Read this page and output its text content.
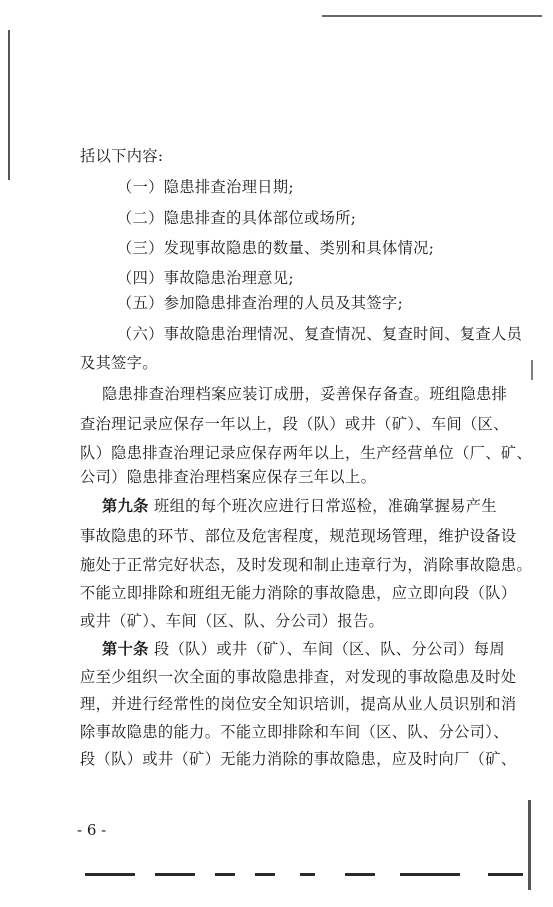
括以下内容:
（一）隐患排查治理日期;
（二）隐患排查的具体部位或场所;
（三）发现事故隐患的数量、类别和具体情况;
（四）事故隐患治理意见;
（五）参加隐患排查治理的人员及其签字;
（六）事故隐患治理情况、复查情况、复查时间、复查人员
及其签字。
隐患排查治理档案应装订成册，妥善保存备查。班组隐患排
查治理记录应保存一年以上，段（队）或井（矿）、车间（区、
队）隐患排查治理记录应保存两年以上，生产经营单位（厂、矿、
公司）隐患排查治理档案应保存三年以上。
第九条 班组的每个班次应进行日常巡检，准确掌握易产生
事故隐患的环节、部位及危害程度，规范现场管理，维护设备设
施处于正常完好状态，及时发现和制止违章行为，消除事故隐患。
不能立即排除和班组无能力消除的事故隐患，应立即向段（队）
或井（矿）、车间（区、队、分公司）报告。
第十条 段（队）或井（矿）、车间（区、队、分公司）每周
应至少组织一次全面的事故隐患排查，对发现的事故隐患及时处
理，并进行经常性的岗位安全知识培训，提高从业人员识别和消
除事故隐患的能力。不能立即排除和车间（区、队、分公司）、
段（队）或井（矿）无能力消除的事故隐患，应及时向厂（矿、
- 6 -
